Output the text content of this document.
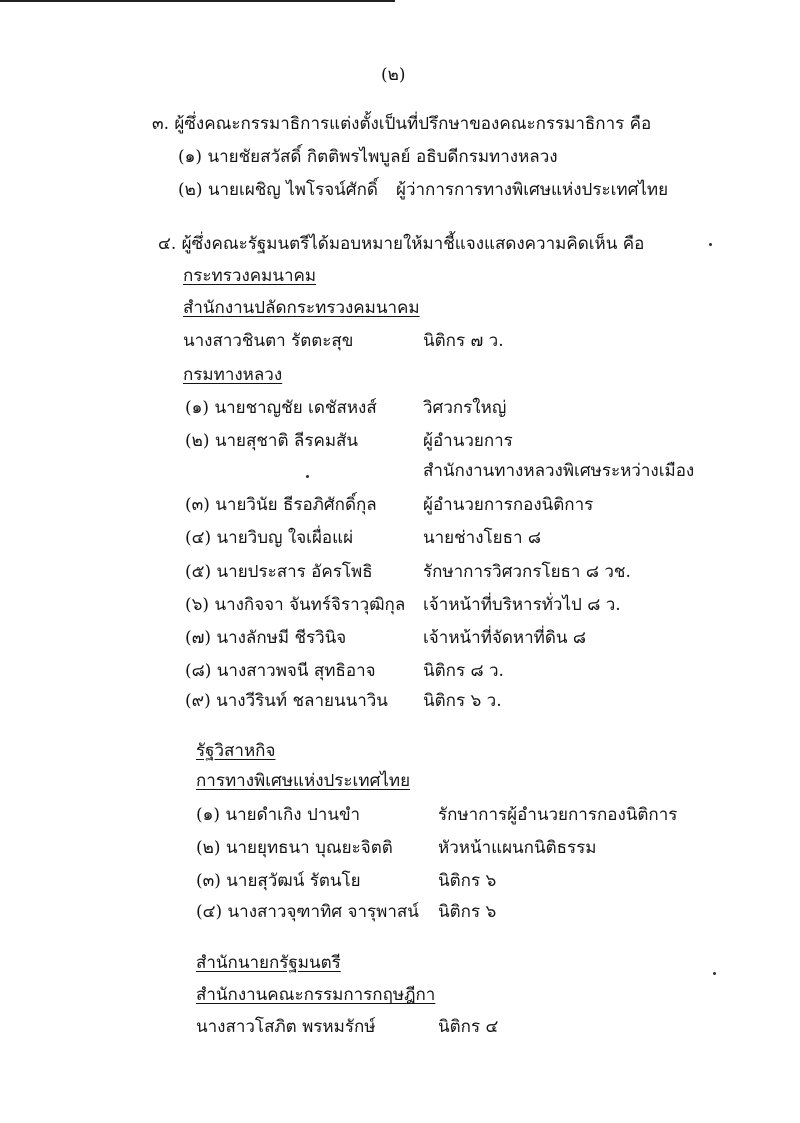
(๒)
๓. ผู้ซึ่งคณะกรรมาธิการแต่งตั้งเป็นที่ปรึกษาของคณะกรรมาธิการ คือ
(๑) นายชัยสวัสดิ์ กิตติพรไพบูลย์ อธิบดีกรมทางหลวง
(๒) นายเผชิญ ไพโรจน์ศักดิ์ ผู้ว่าการการทางพิเศษแห่งประเทศไทย
๔. ผู้ซึ่งคณะรัฐมนตรีได้มอบหมายให้มาชี้แจงแสดงความคิดเห็น คือ
กระทรวงคมนาคม
สำนักงานปลัดกระทรวงคมนาคม
นางสาวชินตา รัตตะสุข	นิติกร ๗ ว.
กรมทางหลวง
(๑) นายชาญชัย เดชัสหงส์	วิศวกรใหญ่
(๒) นายสุชาติ ลีรคมสัน	ผู้อำนวยการ
สำนักงานทางหลวงพิเศษระหว่างเมือง
(๓) นายวินัย ธีรอภิศักดิ์กุล	ผู้อำนวยการกองนิติการ
(๔) นายวิบญ ใจเผื่อแผ่	นายช่างโยธา ๘
(๕) นายประสาร อัครโพธิ	รักษาการวิศวกรโยธา ๘ วช.
(๖) นางกิจจา จันทร์จิราวุฒิกุล เจ้าหน้าที่บริหารทั่วไป ๘ ว.
(๗) นางลักษมี ชีรวินิจ	เจ้าหน้าที่จัดหาที่ดิน ๘
(๘) นางสาวพจนี สุทธิอาจ	นิติกร ๘ ว.
(๙) นางวีรินท์ ชลายนนาวิน นิติกร ๖ ว.
รัฐวิสาหกิจ
การทางพิเศษแห่งประเทศไทย
(๑) นายดำเกิง ปานขำ	รักษาการผู้อำนวยการกองนิติการ
(๒) นายยุทธนา บุณยะจิตติ	หัวหน้าแผนกนิติธรรม
(๓) นายสุวัฒน์ รัตนโย	นิติกร ๖
(๔) นางสาวจุฑาทิศ จารุพาสน์ นิติกร ๖
สำนักนายกรัฐมนตรี
สำนักงานคณะกรรมการกฤษฎีกา
นางสาวโสภิต พรหมรักษ์	นิติกร ๔
